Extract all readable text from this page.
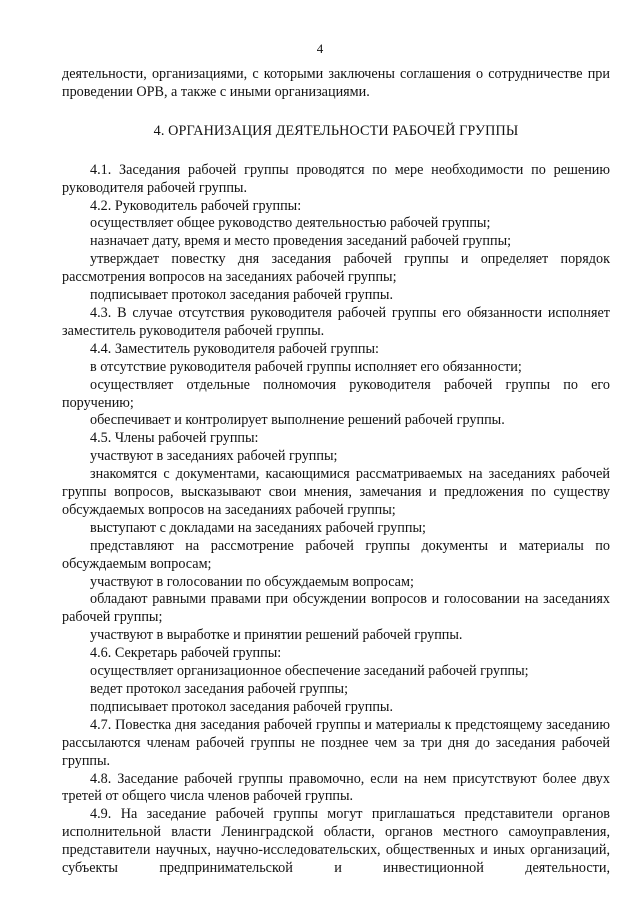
4

деятельности, организациями, с которыми заключены соглашения о сотрудничестве при проведении ОРВ, а также с иными организациями.

4. ОРГАНИЗАЦИЯ ДЕЯТЕЛЬНОСТИ РАБОЧЕЙ ГРУППЫ

4.1. Заседания рабочей группы проводятся по мере необходимости по решению руководителя рабочей группы.

4.2. Руководитель рабочей группы:

осуществляет общее руководство деятельностью рабочей группы;

назначает дату, время и место проведения заседаний рабочей группы;

утверждает повестку дня заседания рабочей группы и определяет порядок рассмотрения вопросов на заседаниях рабочей группы;

подписывает протокол заседания рабочей группы.

4.3. В случае отсутствия руководителя рабочей группы его обязанности исполняет заместитель руководителя рабочей группы.

4.4. Заместитель руководителя рабочей группы:

в отсутствие руководителя рабочей группы исполняет его обязанности;

осуществляет отдельные полномочия руководителя рабочей группы по его поручению;

обеспечивает и контролирует выполнение решений рабочей группы.

4.5. Члены рабочей группы:

участвуют в заседаниях рабочей группы;

знакомятся с документами, касающимися рассматриваемых на заседаниях рабочей группы вопросов, высказывают свои мнения, замечания и предложения по существу обсуждаемых вопросов на заседаниях рабочей группы;

выступают с докладами на заседаниях рабочей группы;

представляют на рассмотрение рабочей группы документы и материалы по обсуждаемым вопросам;

участвуют в голосовании по обсуждаемым вопросам;

обладают равными правами при обсуждении вопросов и голосовании на заседаниях рабочей группы;

участвуют в выработке и принятии решений рабочей группы.

4.6. Секретарь рабочей группы:

осуществляет организационное обеспечение заседаний рабочей группы;

ведет протокол заседания рабочей группы;

подписывает протокол заседания рабочей группы.

4.7. Повестка дня заседания рабочей группы и материалы к предстоящему заседанию рассылаются членам рабочей группы не позднее чем за три дня до заседания рабочей группы.

4.8. Заседание рабочей группы правомочно, если на нем присутствуют более двух третей от общего числа членов рабочей группы.

4.9. На заседание рабочей группы могут приглашаться представители органов исполнительной власти Ленинградской области, органов местного самоуправления, представители научных, научно-исследовательских, общественных и иных организаций, субъекты предпринимательской и инвестиционной деятельности,
